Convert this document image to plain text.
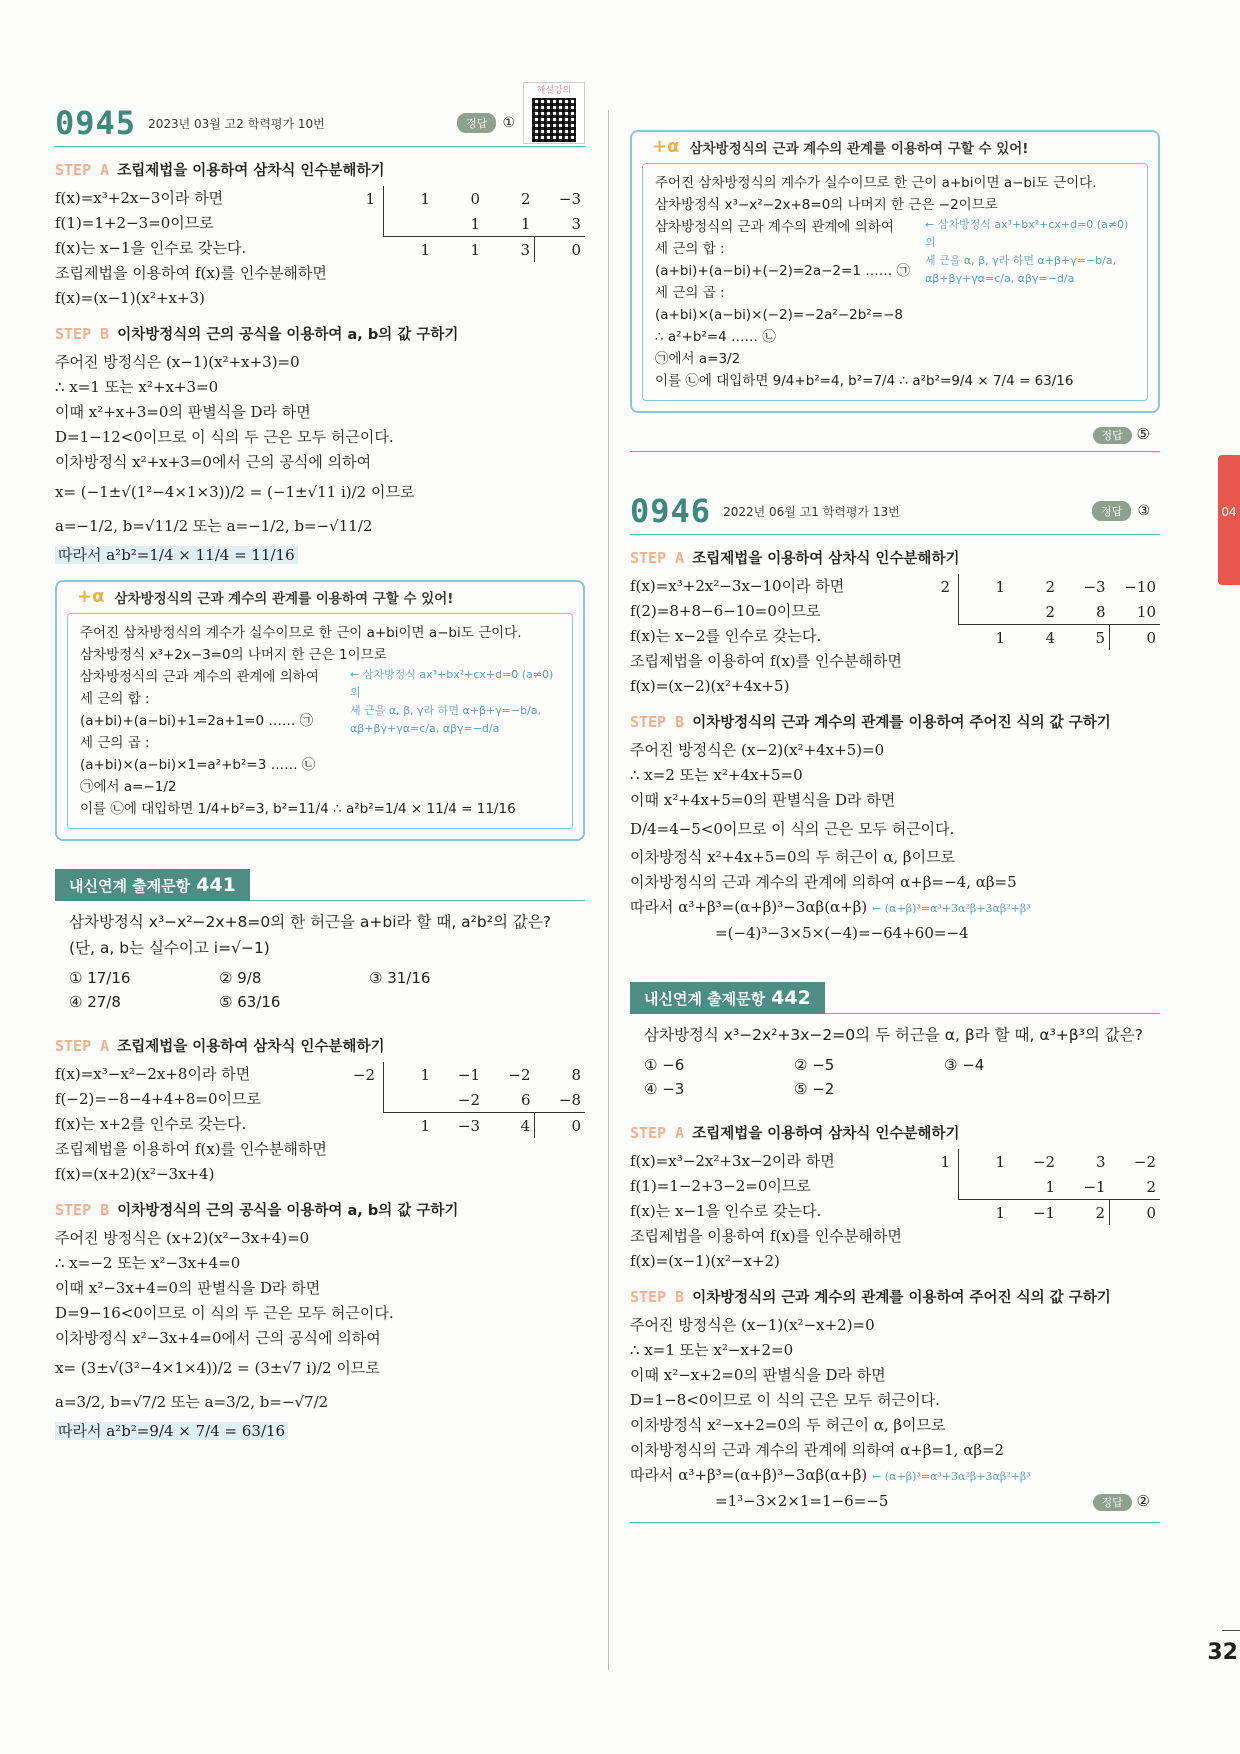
0945 2023년 03월 고2 학력평가 10번	정답	①
해설강의
STEP A 조립제법을 이용하여 삼차식 인수분해하기
f(x)=x³+2x−3이라 하면
f(1)=1+2−3=0이므로
f(x)는 x−1을 인수로 갖는다.
조립제법을 이용하여 f(x)를 인수분해하면
f(x)=(x−1)(x²+x+3)
1	1	0	2	−3
		1	1	3
	1	1	3	0
STEP B 이차방정식의 근의 공식을 이용하여 a, b의 값 구하기
주어진 방정식은 (x−1)(x²+x+3)=0
∴ x=1 또는 x²+x+3=0
이때 x²+x+3=0의 판별식을 D라 하면
D=1−12<0이므로 이 식의 두 근은 모두 허근이다.
이차방정식 x²+x+3=0에서 근의 공식에 의하여
x= (−1±√(1²−4×1×3))/2 = (−1±√11 i)/2 이므로
a=−1/2, b=√11/2 또는 a=−1/2, b=−√11/2
따라서 a²b²=1/4 × 11/4 = 11/16
+α 삼차방정식의 근과 계수의 관계를 이용하여 구할 수 있어!
주어진 삼차방정식의 계수가 실수이므로 한 근이 a+bi이면 a−bi도 근이다.
삼차방정식 x³+2x−3=0의 나머지 한 근은 1이므로
삼차방정식의 근과 계수의 관계에 의하여
세 근의 합 :
(a+bi)+(a−bi)+1=2a+1=0 …… ㉠
세 근의 곱 :
(a+bi)×(a−bi)×1=a²+b²=3 …… ㉡
← 삼차방정식 ax³+bx²+cx+d=0 (a≠0)의
세 근을 α, β, γ라 하면 α+β+γ=−b/a,
αβ+βγ+γα=c/a, αβγ=−d/a
㉠에서 a=−1/2
이를 ㉡에 대입하면 1/4+b²=3, b²=11/4 ∴ a²b²=1/4 × 11/4 = 11/16
내신연계 출제문항 441
삼차방정식 x³−x²−2x+8=0의 한 허근을 a+bi라 할 때, a²b²의 값은?
(단, a, b는 실수이고 i=√−1)
① 17/16	② 9/8	③ 31/16
④ 27/8	⑤ 63/16
STEP A 조립제법을 이용하여 삼차식 인수분해하기
f(x)=x³−x²−2x+8이라 하면
f(−2)=−8−4+4+8=0이므로
f(x)는 x+2를 인수로 갖는다.
조립제법을 이용하여 f(x)를 인수분해하면
f(x)=(x+2)(x²−3x+4)
−2	1	−1	−2	8
		−2	6	−8
	1	−3	4	0
STEP B 이차방정식의 근의 공식을 이용하여 a, b의 값 구하기
주어진 방정식은 (x+2)(x²−3x+4)=0
∴ x=−2 또는 x²−3x+4=0
이때 x²−3x+4=0의 판별식을 D라 하면
D=9−16<0이므로 이 식의 두 근은 모두 허근이다.
이차방정식 x²−3x+4=0에서 근의 공식에 의하여
x= (3±√(3²−4×1×4))/2 = (3±√7 i)/2 이므로
a=3/2, b=√7/2 또는 a=3/2, b=−√7/2
따라서 a²b²=9/4 × 7/4 = 63/16
+α 삼차방정식의 근과 계수의 관계를 이용하여 구할 수 있어!
주어진 삼차방정식의 계수가 실수이므로 한 근이 a+bi이면 a−bi도 근이다.
삼차방정식 x³−x²−2x+8=0의 나머지 한 근은 −2이므로
삼차방정식의 근과 계수의 관계에 의하여
세 근의 합 :
(a+bi)+(a−bi)+(−2)=2a−2=1 …… ㉠
세 근의 곱 :
(a+bi)×(a−bi)×(−2)=−2a²−2b²=−8
∴ a²+b²=4 …… ㉡
← 삼차방정식 ax³+bx²+cx+d=0 (a≠0)의
세 근을 α, β, γ라 하면 α+β+γ=−b/a,
αβ+βγ+γα=c/a, αβγ=−d/a
㉠에서 a=3/2
이를 ㉡에 대입하면 9/4+b²=4, b²=7/4 ∴ a²b²=9/4 × 7/4 = 63/16
정답 ⑤
0946 2022년 06월 고1 학력평가 13번	정답	③
STEP A 조립제법을 이용하여 삼차식 인수분해하기
f(x)=x³+2x²−3x−10이라 하면
f(2)=8+8−6−10=0이므로
f(x)는 x−2를 인수로 갖는다.
조립제법을 이용하여 f(x)를 인수분해하면
f(x)=(x−2)(x²+4x+5)
2	1	2	−3	−10
		2	8	10
	1	4	5	0
STEP B 이차방정식의 근과 계수의 관계를 이용하여 주어진 식의 값 구하기
주어진 방정식은 (x−2)(x²+4x+5)=0
∴ x=2 또는 x²+4x+5=0
이때 x²+4x+5=0의 판별식을 D라 하면
D/4=4−5<0이므로 이 식의 근은 모두 허근이다.
이차방정식 x²+4x+5=0의 두 허근이 α, β이므로
이차방정식의 근과 계수의 관계에 의하여 α+β=−4, αβ=5
따라서 α³+β³=(α+β)³−3αβ(α+β) ← (α+β)³=α³+3α²β+3αβ²+β³
=(−4)³−3×5×(−4)=−64+60=−4
내신연계 출제문항 442
삼차방정식 x³−2x²+3x−2=0의 두 허근을 α, β라 할 때, α³+β³의 값은?
① −6	② −5	③ −4
④ −3	⑤ −2
STEP A 조립제법을 이용하여 삼차식 인수분해하기
f(x)=x³−2x²+3x−2이라 하면
f(1)=1−2+3−2=0이므로
f(x)는 x−1을 인수로 갖는다.
조립제법을 이용하여 f(x)를 인수분해하면
f(x)=(x−1)(x²−x+2)
1	1	−2	3	−2
		1	−1	2
	1	−1	2	0
STEP B 이차방정식의 근과 계수의 관계를 이용하여 주어진 식의 값 구하기
주어진 방정식은 (x−1)(x²−x+2)=0
∴ x=1 또는 x²−x+2=0
이때 x²−x+2=0의 판별식을 D라 하면
D=1−8<0이므로 이 식의 근은 모두 허근이다.
이차방정식 x²−x+2=0의 두 허근이 α, β이므로
이차방정식의 근과 계수의 관계에 의하여 α+β=1, αβ=2
따라서 α³+β³=(α+β)³−3αβ(α+β) ← (α+β)³=α³+3α²β+3αβ²+β³
=1³−3×2×1=1−6=−5	정답 ②
04
32
